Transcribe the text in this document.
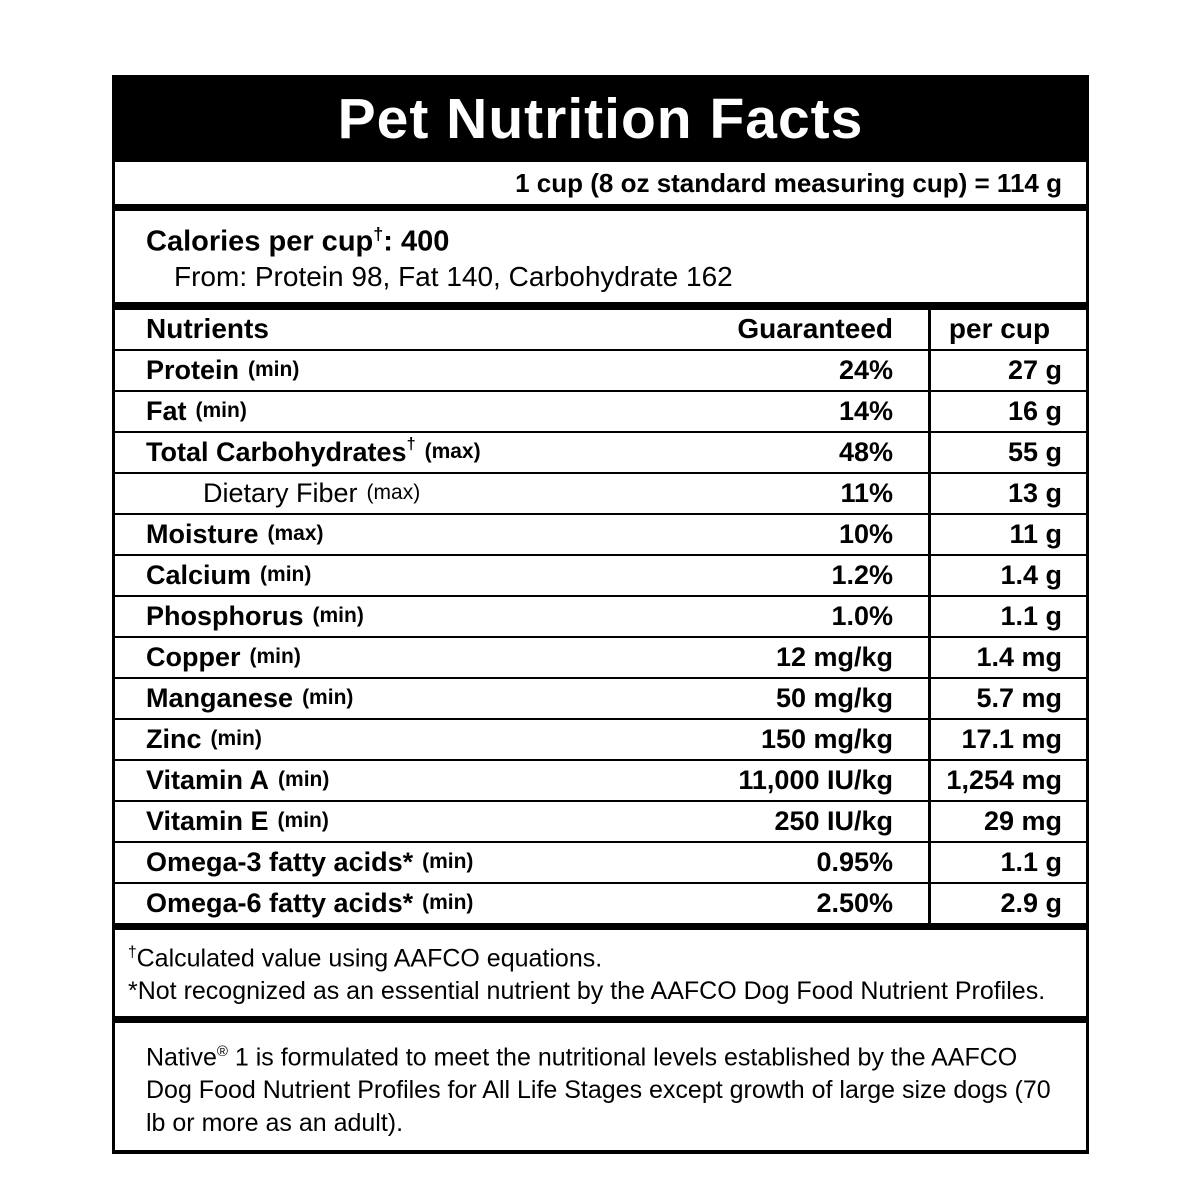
Pet Nutrition Facts
1 cup (8 oz standard measuring cup) = 114 g
Calories per cup†: 400
From: Protein 98, Fat 140, Carbohydrate 162
Nutrients	Guaranteed	per cup
Protein (min)	24%	27 g
Fat (min)	14%	16 g
Total Carbohydrates† (max)	48%	55 g
Dietary Fiber (max)	11%	13 g
Moisture (max)	10%	11 g
Calcium (min)	1.2%	1.4 g
Phosphorus (min)	1.0%	1.1 g
Copper (min)	12 mg/kg	1.4 mg
Manganese (min)	50 mg/kg	5.7 mg
Zinc (min)	150 mg/kg	17.1 mg
Vitamin A (min)	11,000 IU/kg	1,254 mg
Vitamin E (min)	250 IU/kg	29 mg
Omega-3 fatty acids* (min)	0.95%	1.1 g
Omega-6 fatty acids* (min)	2.50%	2.9 g
†Calculated value using AAFCO equations.
*Not recognized as an essential nutrient by the AAFCO Dog Food Nutrient Profiles.
Native® 1 is formulated to meet the nutritional levels established by the AAFCO Dog Food Nutrient Profiles for All Life Stages except growth of large size dogs (70 lb or more as an adult).
